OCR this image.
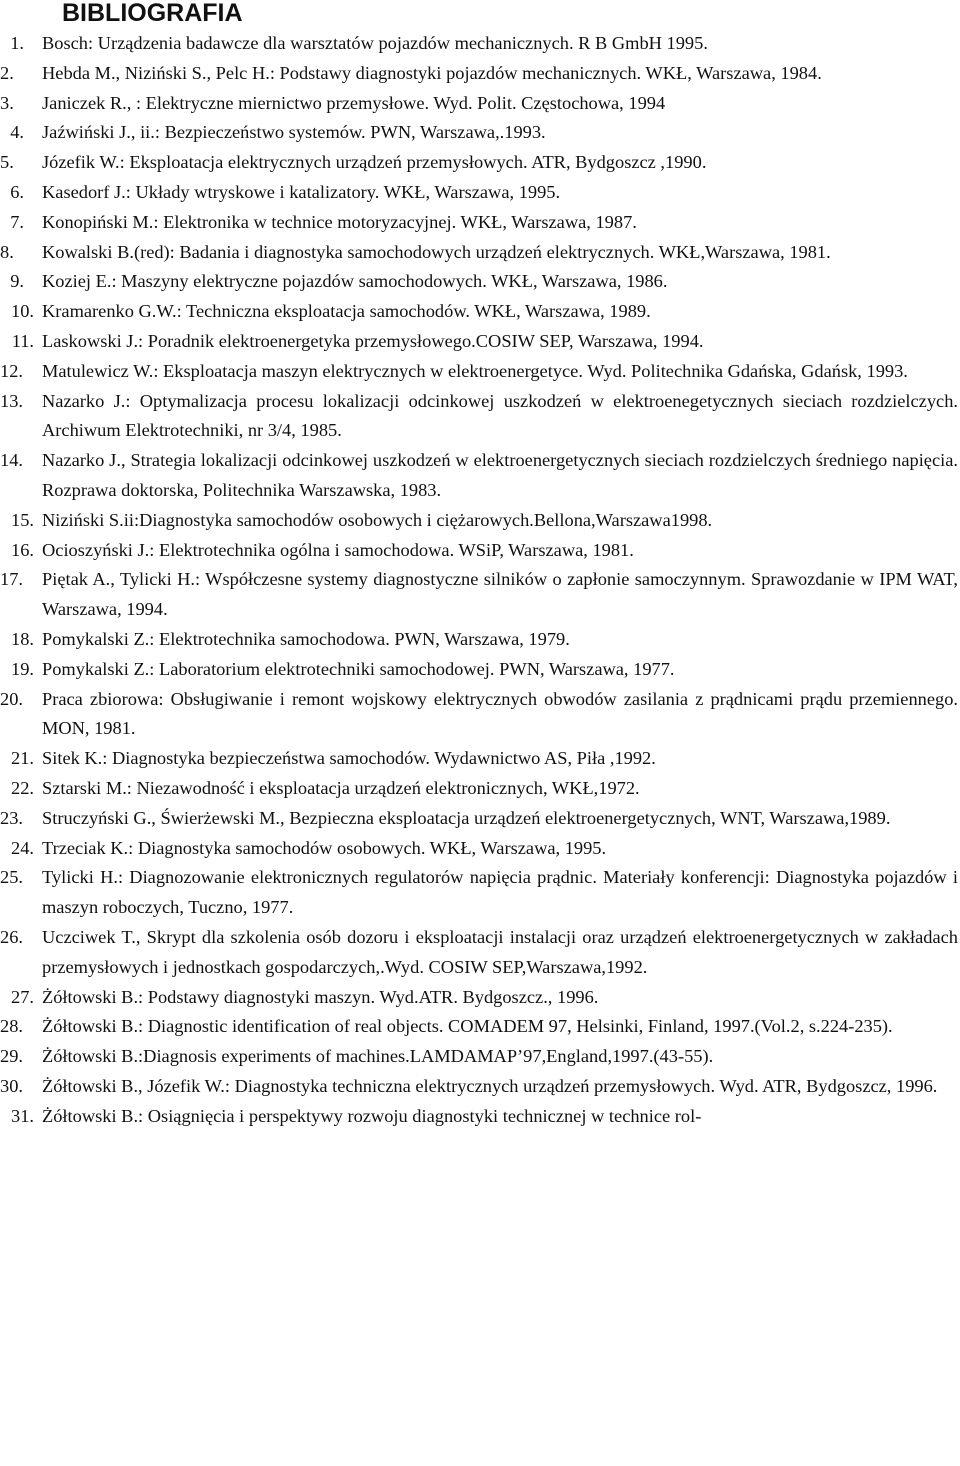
BIBLIOGRAFIA
1. Bosch: Urządzenia badawcze dla warsztatów pojazdów mechanicznych. R B GmbH 1995.
2.	Hebda M., Niziński S., Pelc H.: Podstawy diagnostyki pojazdów mechanicznych. WKŁ, Warszawa, 1984.
3.	Janiczek R., : Elektryczne miernictwo przemysłowe. Wyd. Polit. Częstochowa, 1994
4. Jaźwiński J., ii.: Bezpieczeństwo systemów. PWN, Warszawa,.1993.
5.	Józefik W.: Eksploatacja elektrycznych urządzeń przemysłowych. ATR, Bydgoszcz ,1990.
6. Kasedorf J.: Układy wtryskowe i katalizatory. WKŁ, Warszawa, 1995.
7. Konopiński M.: Elektronika w technice motoryzacyjnej. WKŁ, Warszawa, 1987.
8.	Kowalski B.(red): Badania i diagnostyka samochodowych urządzeń elektrycznych. WKŁ,Warszawa, 1981.
9. Koziej E.: Maszyny elektryczne pojazdów samochodowych. WKŁ, Warszawa, 1986.
10. Kramarenko G.W.: Techniczna eksploatacja samochodów. WKŁ, Warszawa, 1989.
11. Laskowski J.: Poradnik elektroenergetyka przemysłowego.COSIW SEP, Warszawa, 1994.
12.	Matulewicz W.: Eksploatacja maszyn elektrycznych w elektroenergetyce. Wyd. Politechnika Gdańska, Gdańsk, 1993.
13.	Nazarko J.: Optymalizacja procesu lokalizacji odcinkowej uszkodzeń w elektroenegetycznych sieciach rozdzielczych. Archiwum Elektrotechniki, nr 3/4, 1985.
14.	Nazarko J., Strategia lokalizacji odcinkowej uszkodzeń w elektroenergetycznych sieciach rozdzielczych średniego napięcia. Rozprawa doktorska, Politechnika Warszawska, 1983.
15. Niziński S.ii:Diagnostyka samochodów osobowych i ciężarowych.Bellona,Warszawa1998.
16. Ocioszyński J.: Elektrotechnika ogólna i samochodowa. WSiP, Warszawa, 1981.
17.	Piętak A., Tylicki H.: Współczesne systemy diagnostyczne silników o zapłonie samoczynnym. Sprawozdanie w IPM WAT, Warszawa, 1994.
18. Pomykalski Z.: Elektrotechnika samochodowa. PWN, Warszawa, 1979.
19. Pomykalski Z.: Laboratorium elektrotechniki samochodowej. PWN, Warszawa, 1977.
20.	Praca zbiorowa: Obsługiwanie i remont wojskowy elektrycznych obwodów zasilania z prądnicami prądu przemiennego. MON, 1981.
21. Sitek K.: Diagnostyka bezpieczeństwa samochodów. Wydawnictwo AS, Piła ,1992.
22. Sztarski M.: Niezawodność i eksploatacja urządzeń elektronicznych, WKŁ,1972.
23.	Struczyński G., Świerżewski M., Bezpieczna eksploatacja urządzeń elektroenergetycznych, WNT, Warszawa,1989.
24. Trzeciak K.: Diagnostyka samochodów osobowych. WKŁ, Warszawa, 1995.
25.	Tylicki H.: Diagnozowanie elektronicznych regulatorów napięcia prądnic. Materiały konferencji: Diagnostyka pojazdów i maszyn roboczych, Tuczno, 1977.
26.	Uczciwek T., Skrypt dla szkolenia osób dozoru i eksploatacji instalacji oraz urządzeń elektroenergetycznych w zakładach przemysłowych i jednostkach gospodarczych,.Wyd. COSIW SEP,Warszawa,1992.
27. Żółtowski B.: Podstawy diagnostyki maszyn. Wyd.ATR. Bydgoszcz., 1996.
28.	Żółtowski B.: Diagnostic identification of real objects. COMADEM 97, Helsinki, Finland, 1997.(Vol.2, s.224-235).
29.	Żółtowski B.:Diagnosis experiments of machines.LAMDAMAP’97,England,1997.(43-55).
30.	Żółtowski B., Józefik W.: Diagnostyka techniczna elektrycznych urządzeń przemysłowych. Wyd. ATR, Bydgoszcz, 1996.
31. Żółtowski B.: Osiągnięcia i perspektywy rozwoju diagnostyki technicznej w technice rol-
